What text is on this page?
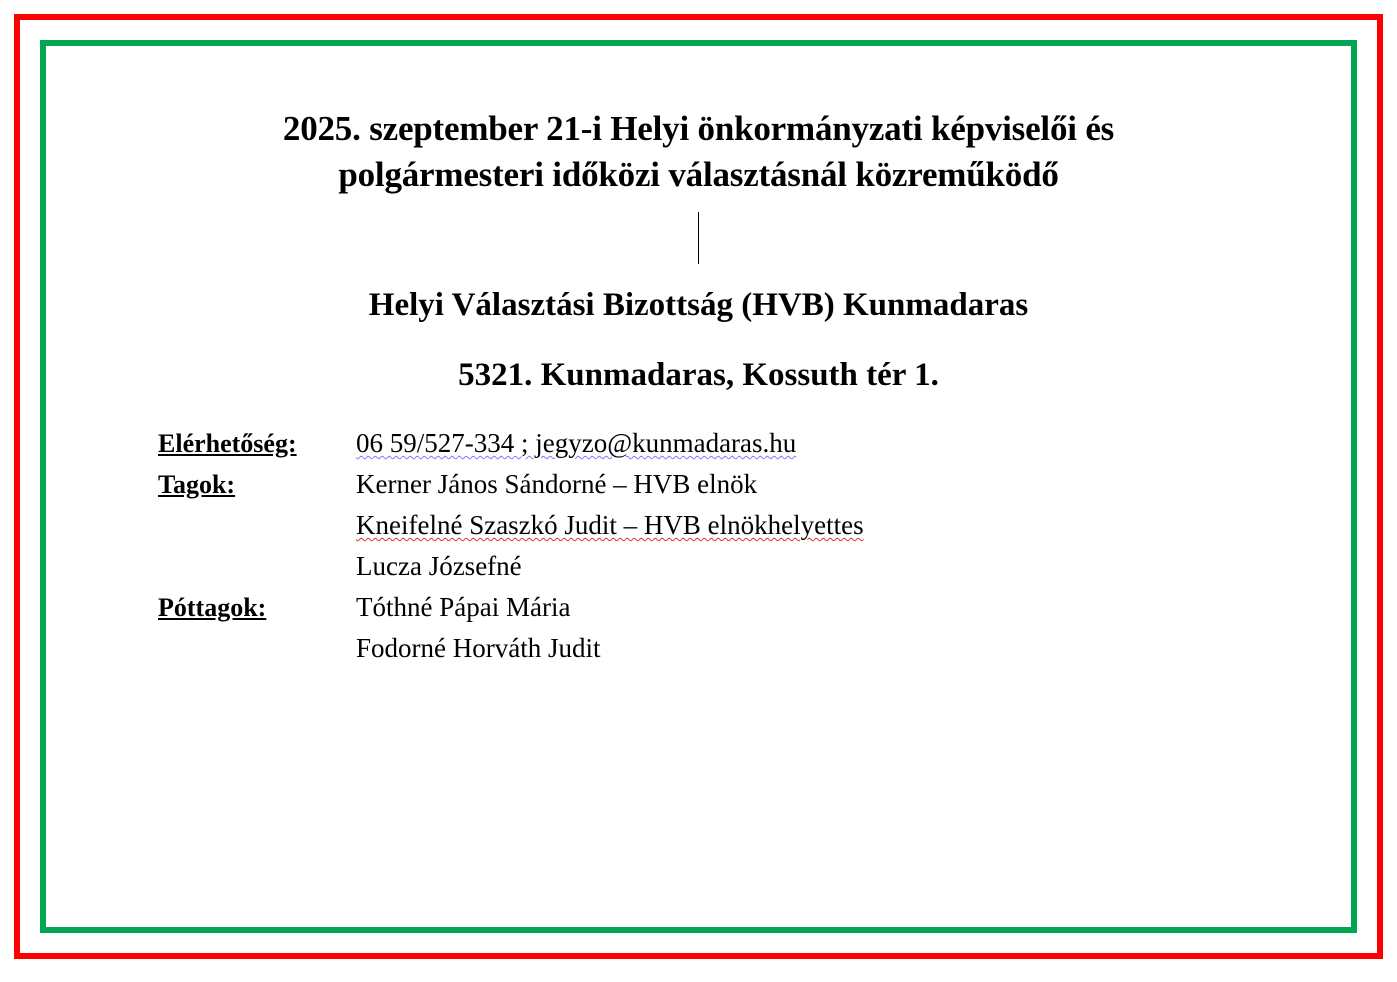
2025. szeptember 21-i Helyi önkormányzati képviselői és
polgármesteri időközi választásnál közreműködő
Helyi Választási Bizottság (HVB) Kunmadaras
5321. Kunmadaras, Kossuth tér 1.
Elérhetőség:	06 59/527-334 ; jegyzo@kunmadaras.hu
Tagok:	Kerner János Sándorné – HVB elnök
Kneifelné Szaszkó Judit – HVB elnökhelyettes
Lucza Józsefné
Póttagok:	Tóthné Pápai Mária
Fodorné Horváth Judit
